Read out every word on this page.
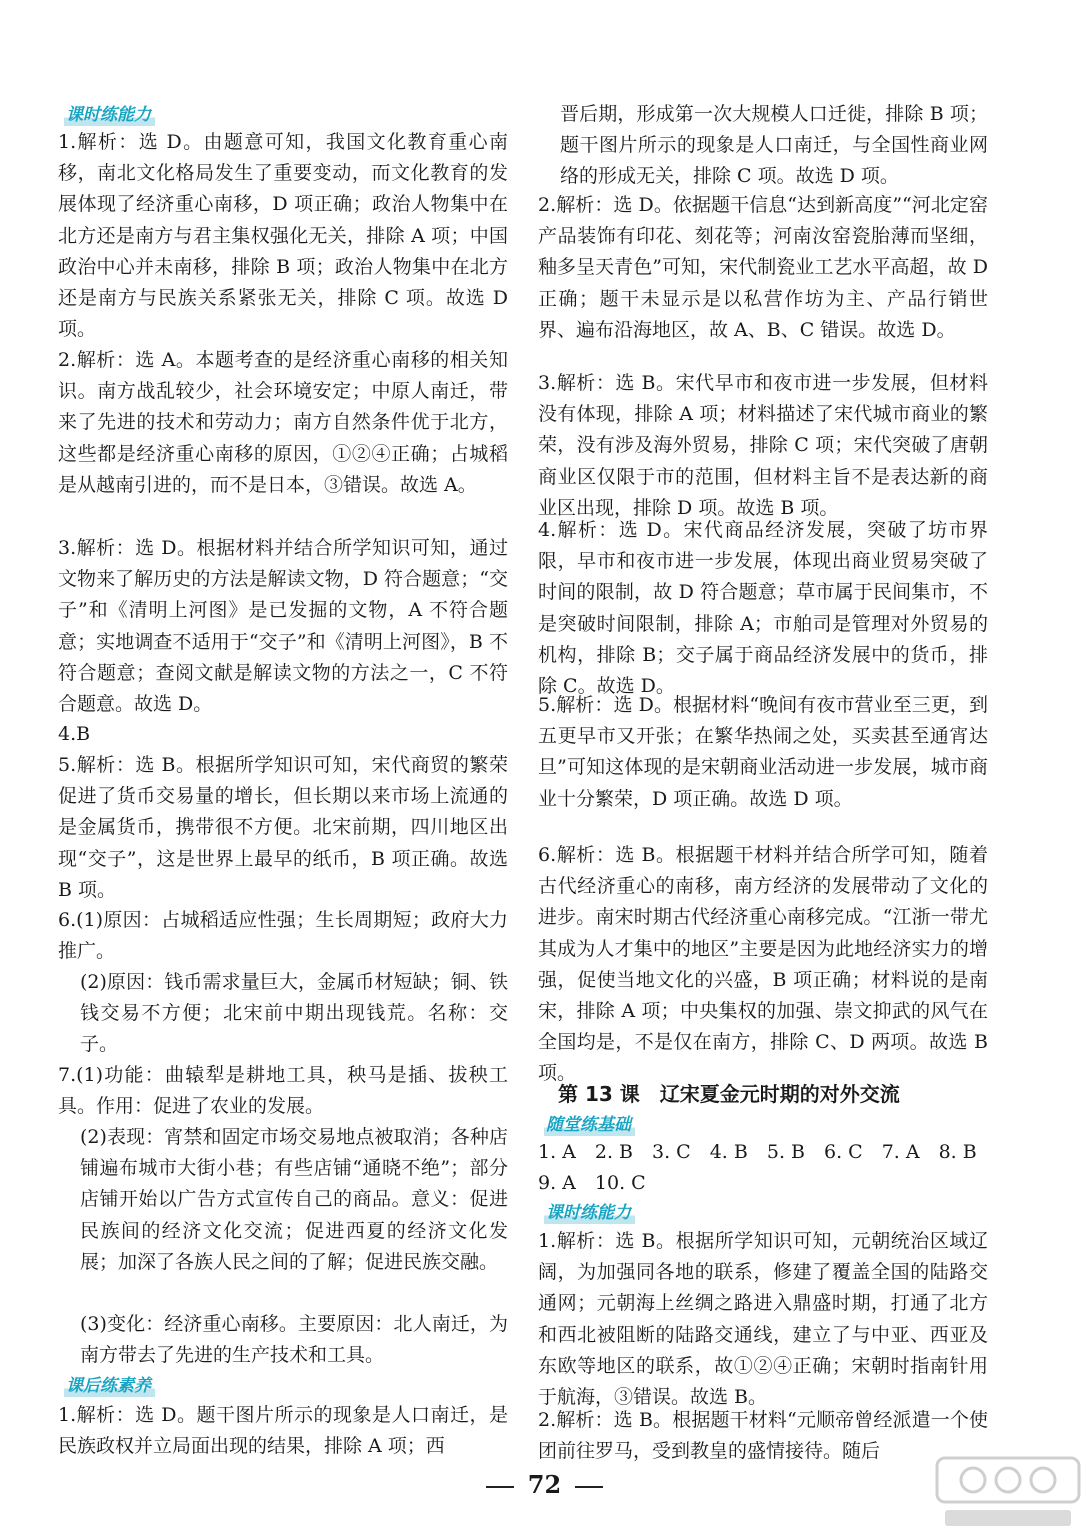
课时练能力
1.解析：选 D。由题意可知，我国文化教育重心南移，南北文化格局发生了重要变动，而文化教育的发展体现了经济重心南移，D 项正确；政治人物集中在北方还是南方与君主集权强化无关，排除 A 项；中国政治中心并未南移，排除 B 项；政治人物集中在北方还是南方与民族关系紧张无关，排除 C 项。故选 D 项。
2.解析：选 A。本题考查的是经济重心南移的相关知识。南方战乱较少，社会环境安定；中原人南迁，带来了先进的技术和劳动力；南方自然条件优于北方，这些都是经济重心南移的原因，①②④正确；占城稻是从越南引进的，而不是日本，③错误。故选 A。
3.解析：选 D。根据材料并结合所学知识可知，通过文物来了解历史的方法是解读文物，D 符合题意；“交子”和《清明上河图》是已发掘的文物，A 不符合题意；实地调查不适用于“交子”和《清明上河图》，B 不符合题意；查阅文献是解读文物的方法之一，C 不符合题意。故选 D。
4.B
5.解析：选 B。根据所学知识可知，宋代商贸的繁荣促进了货币交易量的增长，但长期以来市场上流通的是金属货币，携带很不方便。北宋前期，四川地区出现“交子”，这是世界上最早的纸币，B 项正确。故选 B 项。
6.(1)原因：占城稻适应性强；生长周期短；政府大力推广。
(2)原因：钱币需求量巨大，金属币材短缺；铜、铁钱交易不方便；北宋前中期出现钱荒。名称：交子。
7.(1)功能：曲辕犁是耕地工具，秧马是插、拔秧工具。作用：促进了农业的发展。
(2)表现：宵禁和固定市场交易地点被取消；各种店铺遍布城市大街小巷；有些店铺“通晓不绝”；部分店铺开始以广告方式宣传自己的商品。意义：促进民族间的经济文化交流；促进西夏的经济文化发展；加深了各族人民之间的了解；促进民族交融。
(3)变化：经济重心南移。主要原因：北人南迁，为南方带去了先进的生产技术和工具。
课后练素养
1.解析：选 D。题干图片所示的现象是人口南迁，是民族政权并立局面出现的结果，排除 A 项；西
晋后期，形成第一次大规模人口迁徙，排除 B 项；题干图片所示的现象是人口南迁，与全国性商业网络的形成无关，排除 C 项。故选 D 项。
2.解析：选 D。依据题干信息“达到新高度”“河北定窑产品装饰有印花、刻花等；河南汝窑瓷胎薄而坚细，釉多呈天青色”可知，宋代制瓷业工艺水平高超，故 D 正确；题干未显示是以私营作坊为主、产品行销世界、遍布沿海地区，故 A、B、C 错误。故选 D。
3.解析：选 B。宋代早市和夜市进一步发展，但材料没有体现，排除 A 项；材料描述了宋代城市商业的繁荣，没有涉及海外贸易，排除 C 项；宋代突破了唐朝商业区仅限于市的范围，但材料主旨不是表达新的商业区出现，排除 D 项。故选 B 项。
4.解析：选 D。宋代商品经济发展，突破了坊市界限，早市和夜市进一步发展，体现出商业贸易突破了时间的限制，故 D 符合题意；草市属于民间集市，不是突破时间限制，排除 A；市舶司是管理对外贸易的机构，排除 B；交子属于商品经济发展中的货币，排除 C。故选 D。
5.解析：选 D。根据材料“晚间有夜市营业至三更，到五更早市又开张；在繁华热闹之处，买卖甚至通宵达旦”可知这体现的是宋朝商业活动进一步发展，城市商业十分繁荣，D 项正确。故选 D 项。
6.解析：选 B。根据题干材料并结合所学可知，随着古代经济重心的南移，南方经济的发展带动了文化的进步。南宋时期古代经济重心南移完成。“江浙一带尤其成为人才集中的地区”主要是因为此地经济实力的增强，促使当地文化的兴盛，B 项正确；材料说的是南宋，排除 A 项；中央集权的加强、崇文抑武的风气在全国均是，不是仅在南方，排除 C、D 两项。故选 B 项。
第 13 课　辽宋夏金元时期的对外交流
随堂练基础
1. A　2. B　3. C　4. B　5. B　6. C　7. A　8. B
9. A　10. C
课时练能力
1.解析：选 B。根据所学知识可知，元朝统治区域辽阔，为加强同各地的联系，修建了覆盖全国的陆路交通网；元朝海上丝绸之路进入鼎盛时期，打通了北方和西北被阻断的陆路交通线，建立了与中亚、西亚及东欧等地区的联系，故①②④正确；宋朝时指南针用于航海，③错误。故选 B。
2.解析：选 B。根据题干材料“元顺帝曾经派遣一个使团前往罗马，受到教皇的盛情接待。随后
72
